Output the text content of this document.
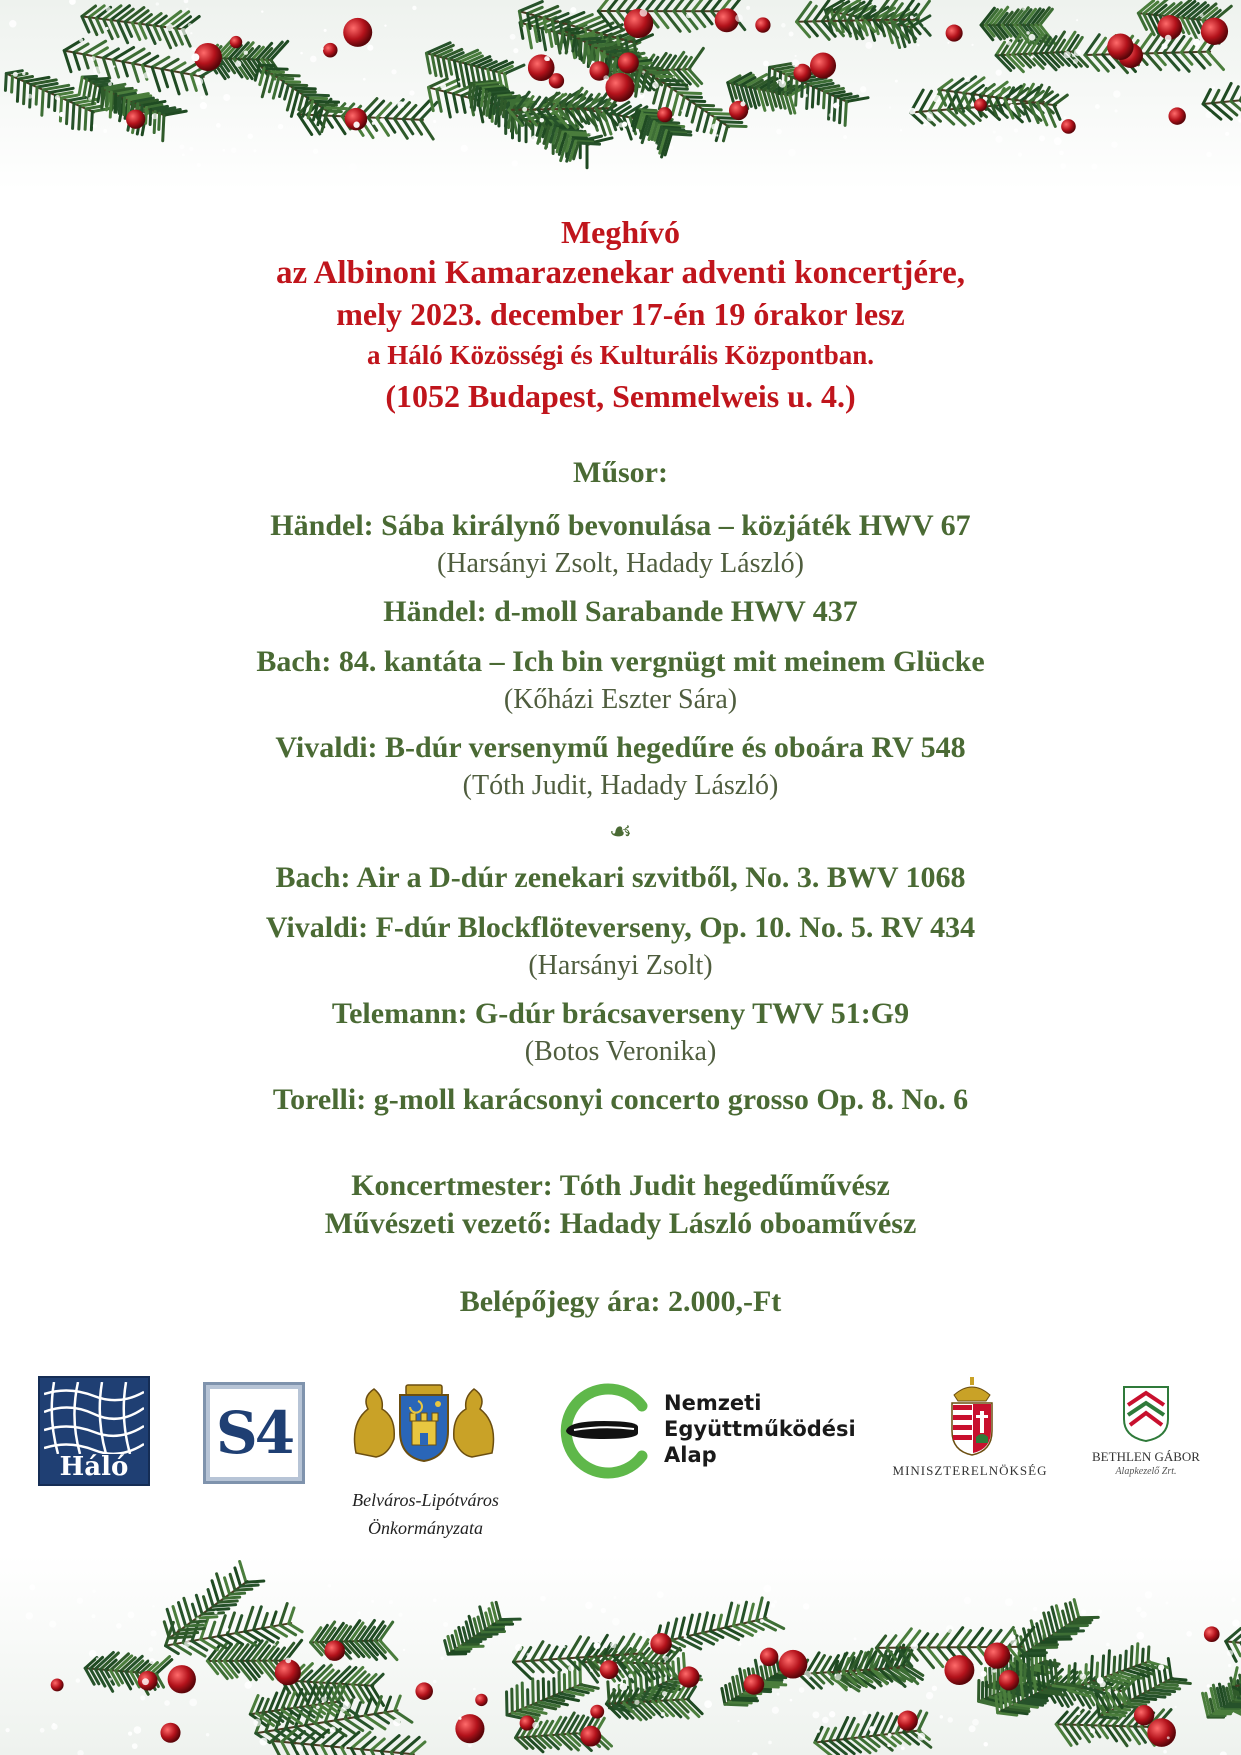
Meghívó
az Albinoni Kamarazenekar adventi koncertjére,
mely 2023. december 17-én 19 órakor lesz
a Háló Közösségi és Kulturális Központban.
(1052 Budapest, Semmelweis u. 4.)
Műsor:
Händel: Sába királynő bevonulása – közjáték HWV 67
(Harsányi Zsolt, Hadady László)
Händel: d-moll Sarabande HWV 437
Bach: 84. kantáta – Ich bin vergnügt mit meinem Glücke
(Kőházi Eszter Sára)
Vivaldi: B-dúr versenymű hegedűre és oboára RV 548
(Tóth Judit, Hadady László)
☙
Bach: Air a D-dúr zenekari szvitből, No. 3. BWV 1068
Vivaldi: F-dúr Blockflöteverseny, Op. 10. No. 5. RV 434
(Harsányi Zsolt)
Telemann: G-dúr brácsaverseny TWV 51:G9
(Botos Veronika)
Torelli: g-moll karácsonyi concerto grosso Op. 8. No. 6
Koncertmester: Tóth Judit hegedűművész
Művészeti vezető: Hadady László oboaművész
Belépőjegy ára: 2.000,-Ft
Háló	S4
Belváros-Lipótváros
Önkormányzata
Nemzeti
Együttműködési
Alap
MINISZTERELNÖKSÉG
BETHLEN GÁBOR
Alapkezelő Zrt.
